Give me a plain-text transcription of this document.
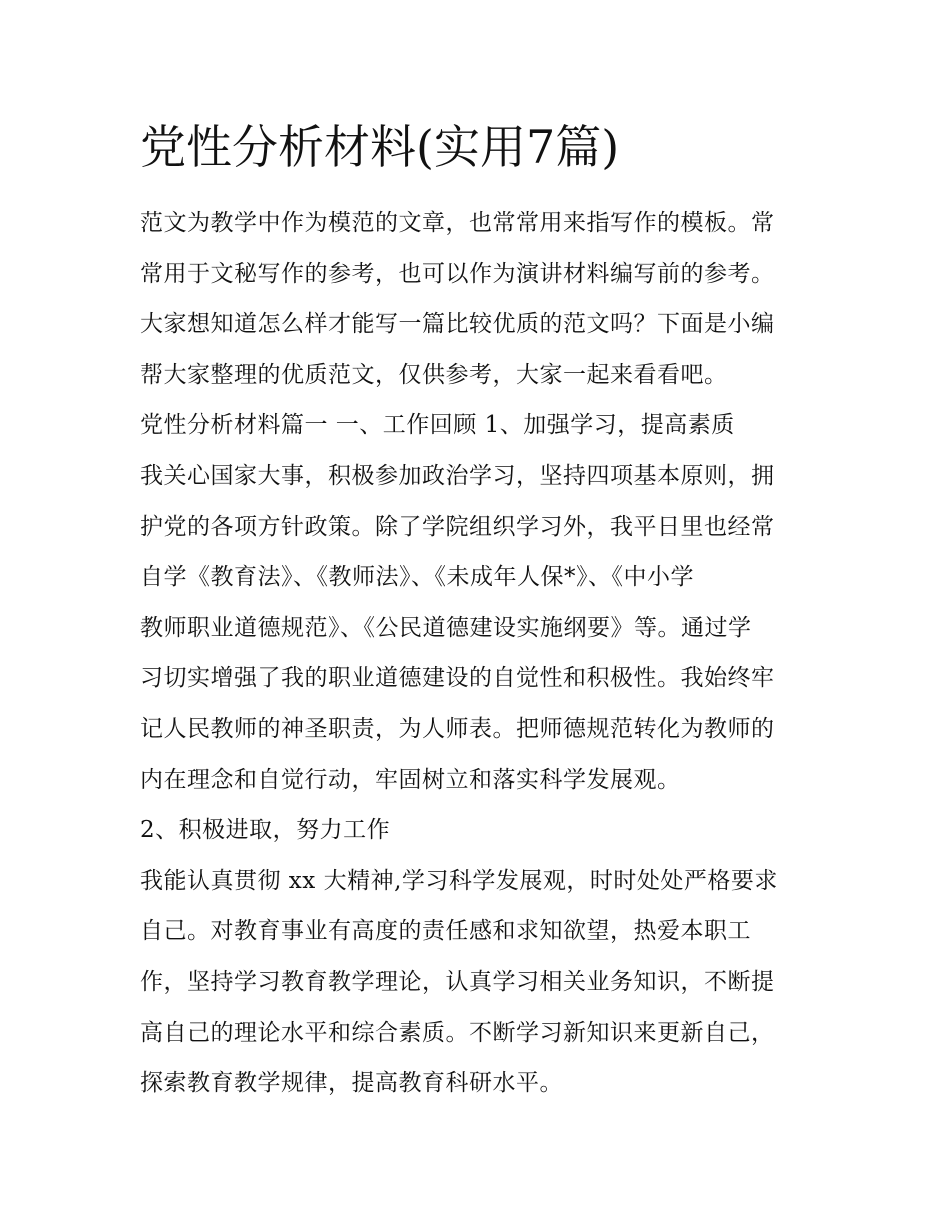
党性分析材料(实用7篇)
范文为教学中作为模范的文章，也常常用来指写作的模板。常
常用于文秘写作的参考，也可以作为演讲材料编写前的参考。
大家想知道怎么样才能写一篇比较优质的范文吗？下面是小编
帮大家整理的优质范文，仅供参考，大家一起来看看吧。
党性分析材料篇一 一、工作回顾 1、加强学习，提高素质
我关心国家大事，积极参加政治学习，坚持四项基本原则，拥
护党的各项方针政策。除了学院组织学习外，我平日里也经常
自学《教育法》、《教师法》、《未成年人保*》、《中小学
教师职业道德规范》、《公民道德建设实施纲要》等。通过学
习切实增强了我的职业道德建设的自觉性和积极性。我始终牢
记人民教师的神圣职责，为人师表。把师德规范转化为教师的
内在理念和自觉行动，牢固树立和落实科学发展观。
2、积极进取，努力工作
我能认真贯彻 xx 大精神,学习科学发展观，时时处处严格要求
自己。对教育事业有高度的责任感和求知欲望，热爱本职工
作，坚持学习教育教学理论，认真学习相关业务知识，不断提
高自己的理论水平和综合素质。不断学习新知识来更新自己，
探索教育教学规律，提高教育科研水平。
